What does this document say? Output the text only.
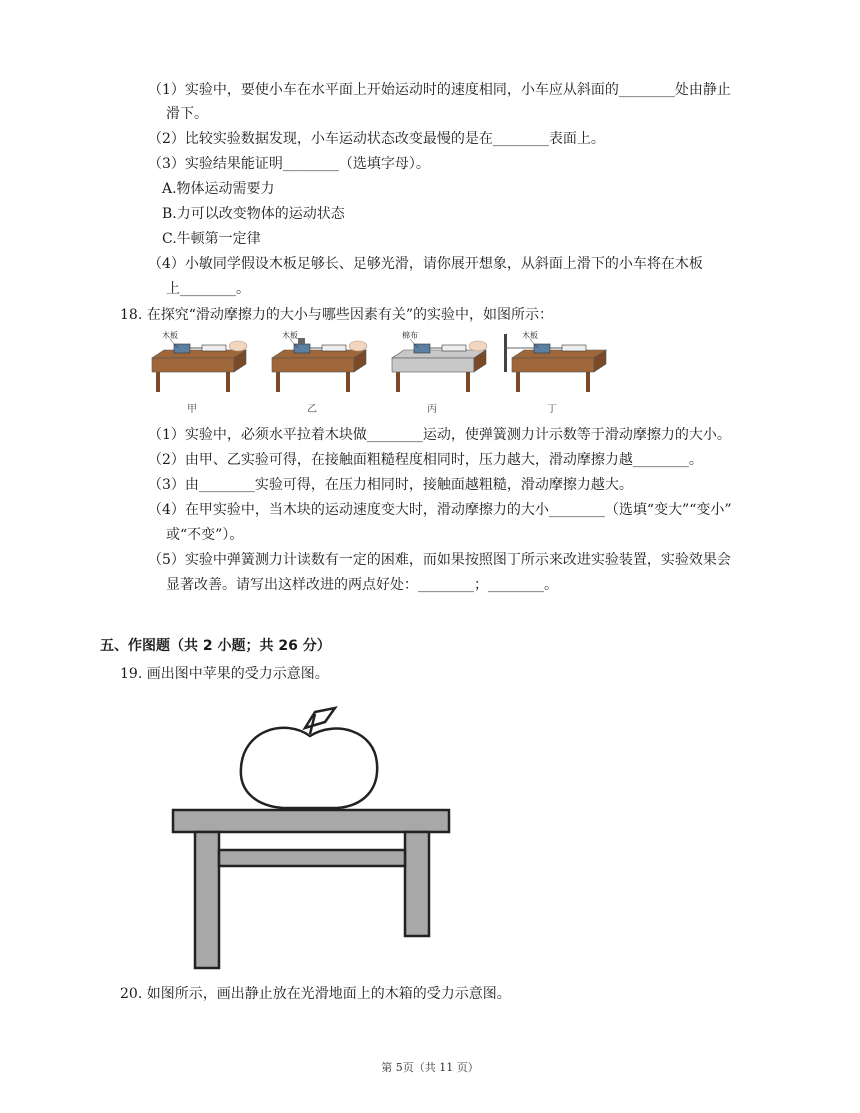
（1）实验中，要使小车在水平面上开始运动时的速度相同，小车应从斜面的________处由静止
滑下。
（2）比较实验数据发现，小车运动状态改变最慢的是在________表面上。
（3）实验结果能证明________（选填字母）。
A.物体运动需要力
B.力可以改变物体的运动状态
C.牛顿第一定律
（4）小敏同学假设木板足够长、足够光滑，请你展开想象，从斜面上滑下的小车将在木板
上________。
18. 在探究“滑动摩擦力的大小与哪些因素有关”的实验中，如图所示：
木板
甲
木板
乙
棉布
丙
木板
丁
（1）实验中，必须水平拉着木块做________运动，使弹簧测力计示数等于滑动摩擦力的大小。
（2）由甲、乙实验可得，在接触面粗糙程度相同时，压力越大，滑动摩擦力越________。
（3）由________实验可得，在压力相同时，接触面越粗糙，滑动摩擦力越大。
（4）在甲实验中，当木块的运动速度变大时，滑动摩擦力的大小________（选填“变大”“变小”
或“不变”）。
（5）实验中弹簧测力计读数有一定的困难，而如果按照图丁所示来改进实验装置，实验效果会
显著改善。请写出这样改进的两点好处：________；________。
五、作图题（共 2 小题；共 26 分）
19. 画出图中苹果的受力示意图。
20. 如图所示，画出静止放在光滑地面上的木箱的受力示意图。
第 5页（共 11 页）
